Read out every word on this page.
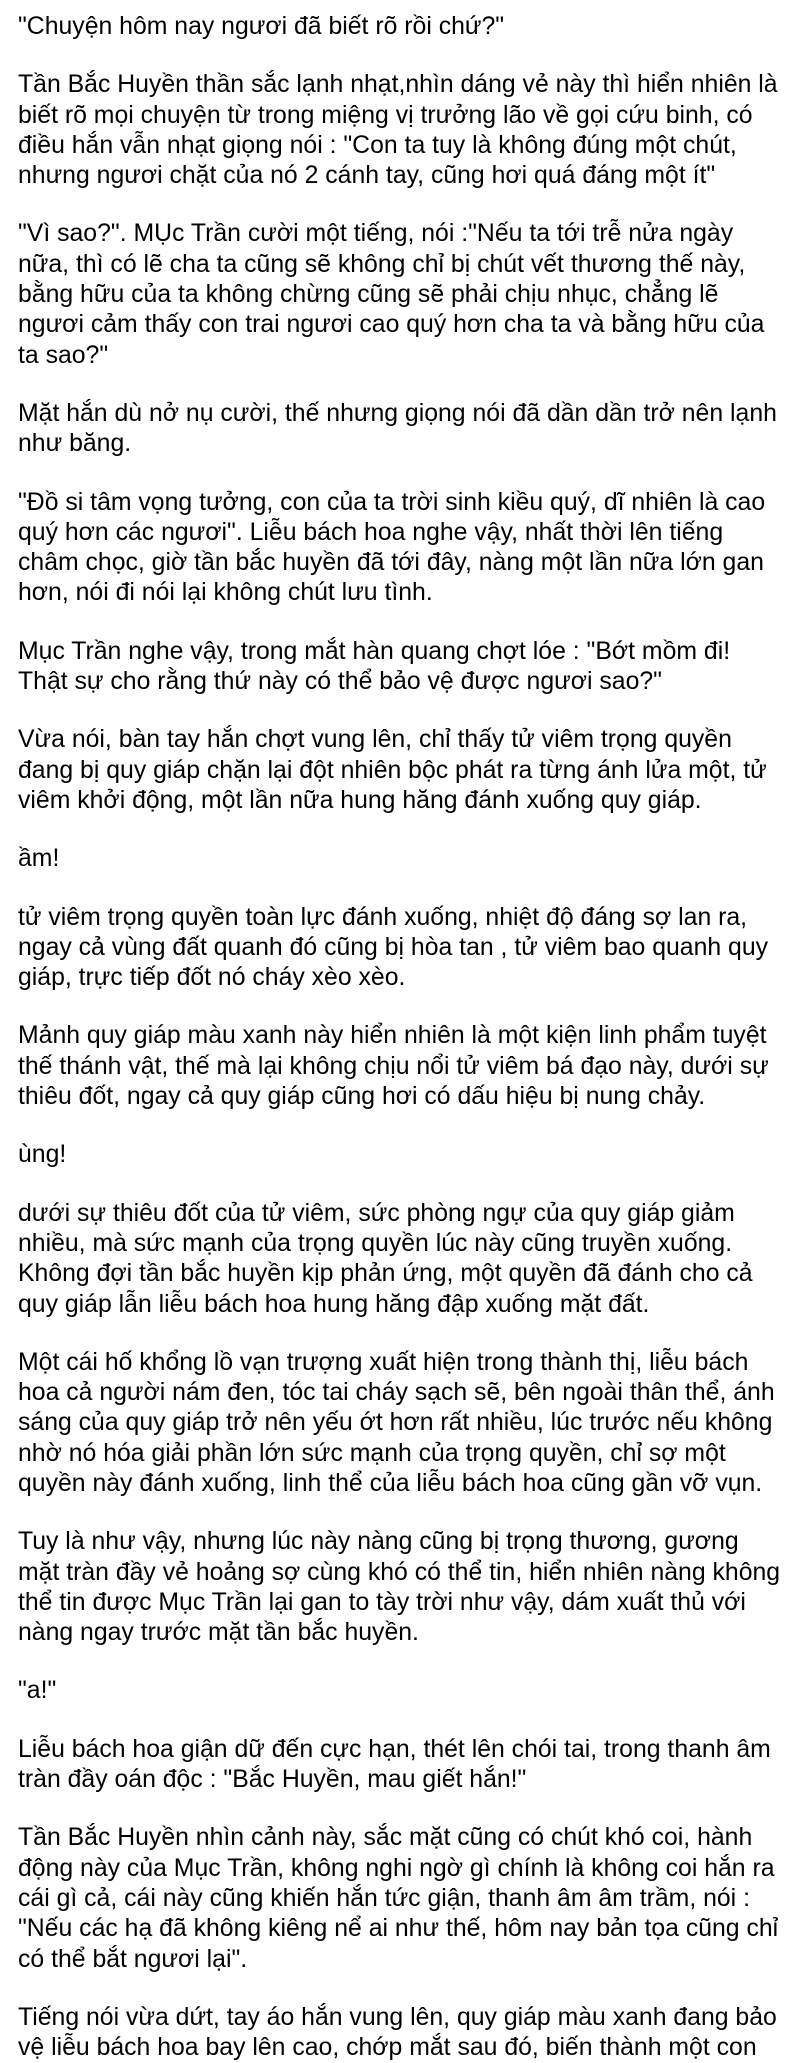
"Chuyện hôm nay ngươi đã biết rõ rồi chứ?"

Tần Bắc Huyền thần sắc lạnh nhạt,nhìn dáng vẻ này thì hiển nhiên là biết rõ mọi chuyện từ trong miệng vị trưởng lão về gọi cứu binh, có điều hắn vẫn nhạt giọng nói : "Con ta tuy là không đúng một chút, nhưng ngươi chặt của nó 2 cánh tay, cũng hơi quá đáng một ít"

"Vì sao?". MỤc Trần cười một tiếng, nói :"Nếu ta tới trễ nửa ngày nữa, thì có lẽ cha ta cũng sẽ không chỉ bị chút vết thương thế này, bằng hữu của ta không chừng cũng sẽ phải chịu nhục, chẳng lẽ ngươi cảm thấy con trai ngươi cao quý hơn cha ta và bằng hữu của ta sao?"

Mặt hắn dù nở nụ cười, thế nhưng giọng nói đã dần dần trở nên lạnh như băng.

"Đồ si tâm vọng tưởng, con của ta trời sinh kiều quý, dĩ nhiên là cao quý hơn các ngươi". Liễu bách hoa nghe vậy, nhất thời lên tiếng châm chọc, giờ tần bắc huyền đã tới đây, nàng một lần nữa lớn gan hơn, nói đi nói lại không chút lưu tình.

Mục Trần nghe vậy, trong mắt hàn quang chợt lóe : "Bớt mồm đi! Thật sự cho rằng thứ này có thể bảo vệ được ngươi sao?"

Vừa nói, bàn tay hắn chợt vung lên, chỉ thấy tử viêm trọng quyền đang bị quy giáp chặn lại đột nhiên bộc phát ra từng ánh lửa một, tử viêm khởi động, một lần nữa hung hăng đánh xuống quy giáp.

ầm!

tử viêm trọng quyền toàn lực đánh xuống, nhiệt độ đáng sợ lan ra, ngay cả vùng đất quanh đó cũng bị hòa tan , tử viêm bao quanh quy giáp, trực tiếp đốt nó cháy xèo xèo.

Mảnh quy giáp màu xanh này hiển nhiên là một kiện linh phẩm tuyệt thế thánh vật, thế mà lại không chịu nổi tử viêm bá đạo này, dưới sự thiêu đốt, ngay cả quy giáp cũng hơi có dấu hiệu bị nung chảy.

ùng!

dưới sự thiêu đốt của tử viêm, sức phòng ngự của quy giáp giảm nhiều, mà sức mạnh của trọng quyền lúc này cũng truyền xuống. Không đợi tần bắc huyền kịp phản ứng, một quyền đã đánh cho cả quy giáp lẫn liễu bách hoa hung hăng đập xuống mặt đất.

Một cái hố khổng lồ vạn trượng xuất hiện trong thành thị, liễu bách hoa cả người nám đen, tóc tai cháy sạch sẽ, bên ngoài thân thể, ánh sáng của quy giáp trở nên yếu ớt hơn rất nhiều, lúc trước nếu không nhờ nó hóa giải phần lớn sức mạnh của trọng quyền, chỉ sợ một quyền này đánh xuống, linh thể của liễu bách hoa cũng gần vỡ vụn.

Tuy là như vậy, nhưng lúc này nàng cũng bị trọng thương, gương mặt tràn đầy vẻ hoảng sợ cùng khó có thể tin, hiển nhiên nàng không thể tin được Mục Trần lại gan to tày trời như vậy, dám xuất thủ với nàng ngay trước mặt tần bắc huyền.

"a!"

Liễu bách hoa giận dữ đến cực hạn, thét lên chói tai, trong thanh âm tràn đầy oán độc : "Bắc Huyền, mau giết hắn!"

Tần Bắc Huyền nhìn cảnh này, sắc mặt cũng có chút khó coi, hành động này của Mục Trần, không nghi ngờ gì chính là không coi hắn ra cái gì cả, cái này cũng khiến hắn tức giận, thanh âm âm trầm, nói : "Nếu các hạ đã không kiêng nể ai như thế, hôm nay bản tọa cũng chỉ có thể bắt ngươi lại".

Tiếng nói vừa dứt, tay áo hắn vung lên, quy giáp màu xanh đang bảo vệ liễu bách hoa bay lên cao, chớp mắt sau đó, biến thành một con
